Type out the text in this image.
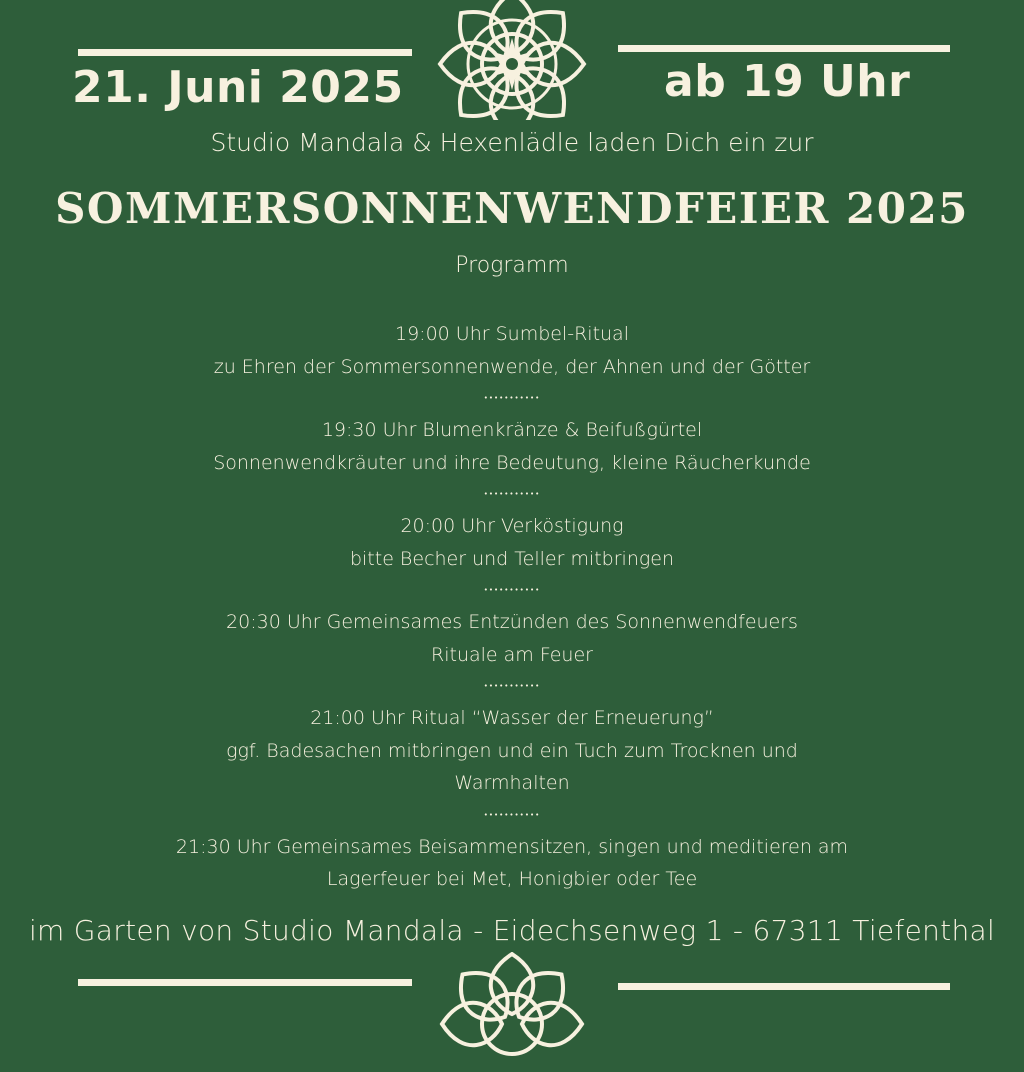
21. Juni 2025	ab 19 Uhr
Studio Mandala & Hexenlädle laden Dich ein zur
SOMMERSONNENWENDFEIER 2025
Programm

19:00 Uhr Sumbel-Ritual

zu Ehren der Sommersonnenwende, der Ahnen und der Götter

•••••••••••

19:30 Uhr Blumenkränze & Beifußgürtel

Sonnenwendkräuter und ihre Bedeutung, kleine Räucherkunde

•••••••••••

20:00 Uhr Verköstigung

bitte Becher und Teller mitbringen

•••••••••••

20:30 Uhr Gemeinsames Entzünden des Sonnenwendfeuers

Rituale am Feuer

•••••••••••

21:00 Uhr Ritual “Wasser der Erneuerung”

ggf. Badesachen mitbringen und ein Tuch zum Trocknen und

Warmhalten

•••••••••••

21:30 Uhr Gemeinsames Beisammensitzen, singen und meditieren am

Lagerfeuer bei Met, Honigbier oder Tee

im Garten von Studio Mandala - Eidechsenweg 1 - 67311 Tiefenthal
